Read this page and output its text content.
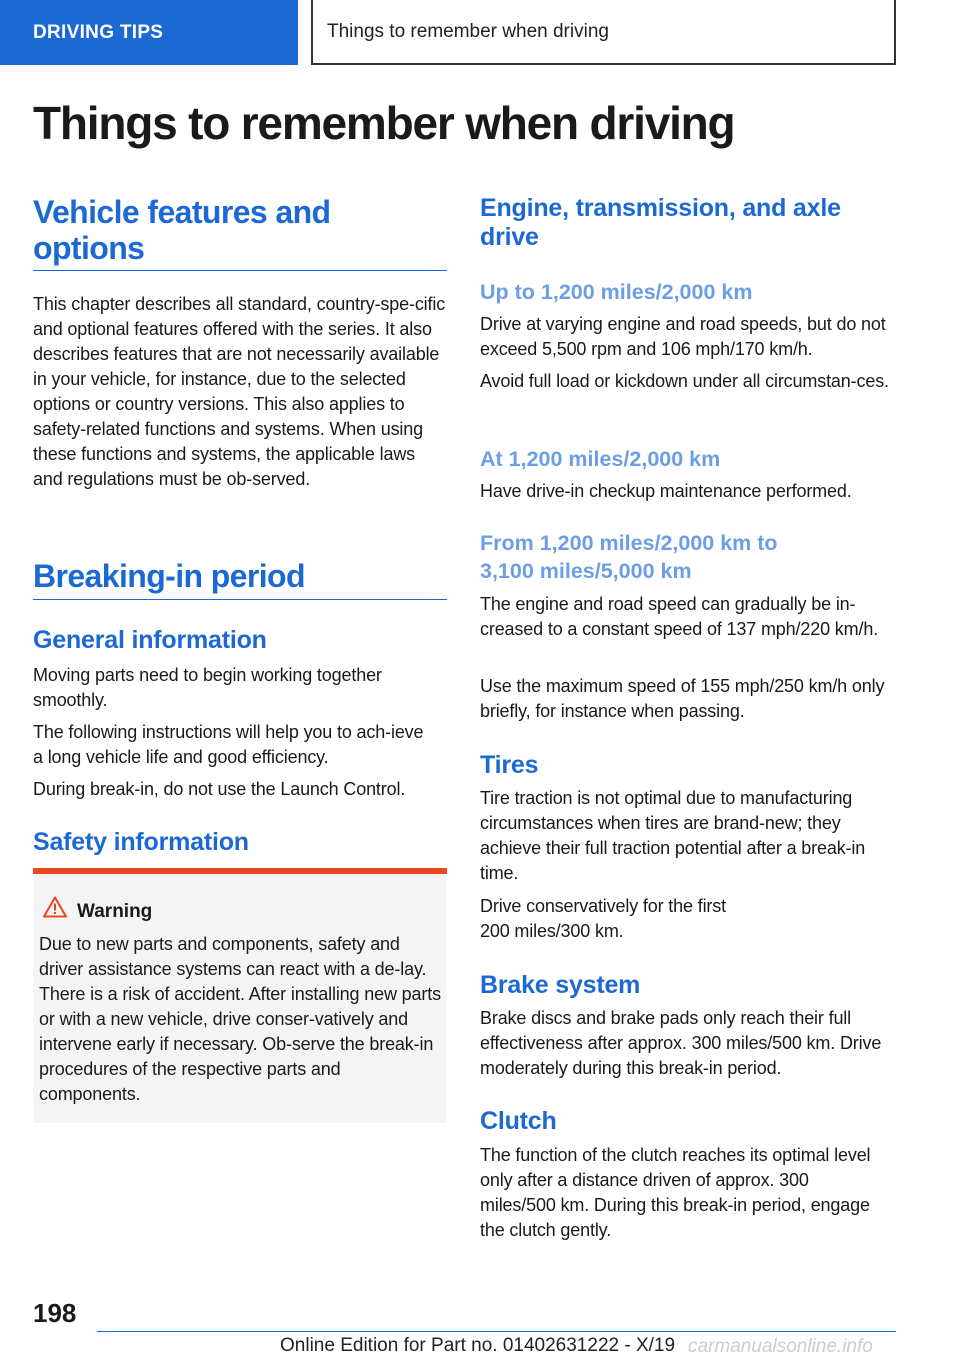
DRIVING TIPS	Things to remember when driving
Things to remember when driving
Vehicle features and options

This chapter describes all standard, country-spe-cific and optional features offered with the series. It also describes features that are not necessarily available in your vehicle, for instance, due to the selected options or country versions. This also applies to safety-related functions and systems. When using these functions and systems, the applicable laws and regulations must be ob-served.

Breaking-in period
General information

Moving parts need to begin working together smoothly.

The following instructions will help you to ach-ieve a long vehicle life and good efficiency.

During break-in, do not use the Launch Control.

Safety information
Warning

Due to new parts and components, safety and driver assistance systems can react with a de-lay. There is a risk of accident. After installing new parts or with a new vehicle, drive conser-vatively and intervene early if necessary. Ob-serve the break-in procedures of the respective parts and components.

Engine, transmission, and axle drive
Up to 1,200 miles/2,000 km

Drive at varying engine and road speeds, but do not exceed 5,500 rpm and 106 mph/170 km/h.

Avoid full load or kickdown under all circumstan-ces.

At 1,200 miles/2,000 km

Have drive-in checkup maintenance performed.

From 1,200 miles/2,000 km to
3,100 miles/5,000 km

The engine and road speed can gradually be in-creased to a constant speed of 137 mph/220 km/h.

Use the maximum speed of 155 mph/250 km/h only briefly, for instance when passing.

Tires

Tire traction is not optimal due to manufacturing circumstances when tires are brand-new; they achieve their full traction potential after a break-in time.

Drive conservatively for the first 200 miles/300 km.

Brake system

Brake discs and brake pads only reach their full effectiveness after approx. 300 miles/500 km. Drive moderately during this break-in period.

Clutch

The function of the clutch reaches its optimal level only after a distance driven of approx. 300 miles/500 km. During this break-in period, engage the clutch gently.

198
Online Edition for Part no. 01402631222 - X/19 carmanualsonline.info
